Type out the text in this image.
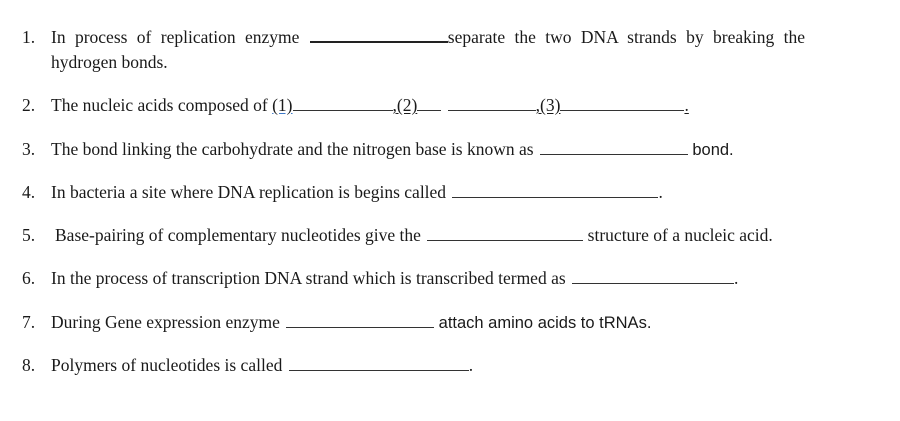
1. In process of replication enzyme	separate the two DNA strands by breaking the
hydrogen bonds.
2. The nucleic acids composed of (1)	,(2)	,(3)	.
3. The bond linking the carbohydrate and the nitrogen base is known as	bond.
4. In bacteria a site where DNA replication is begins called	.
5. Base-pairing of complementary nucleotides give the	structure of a nucleic acid.
6. In the process of transcription DNA strand which is transcribed termed as	.
7. During Gene expression enzyme	attach amino acids to tRNAs.
8. Polymers of nucleotides is called	.
